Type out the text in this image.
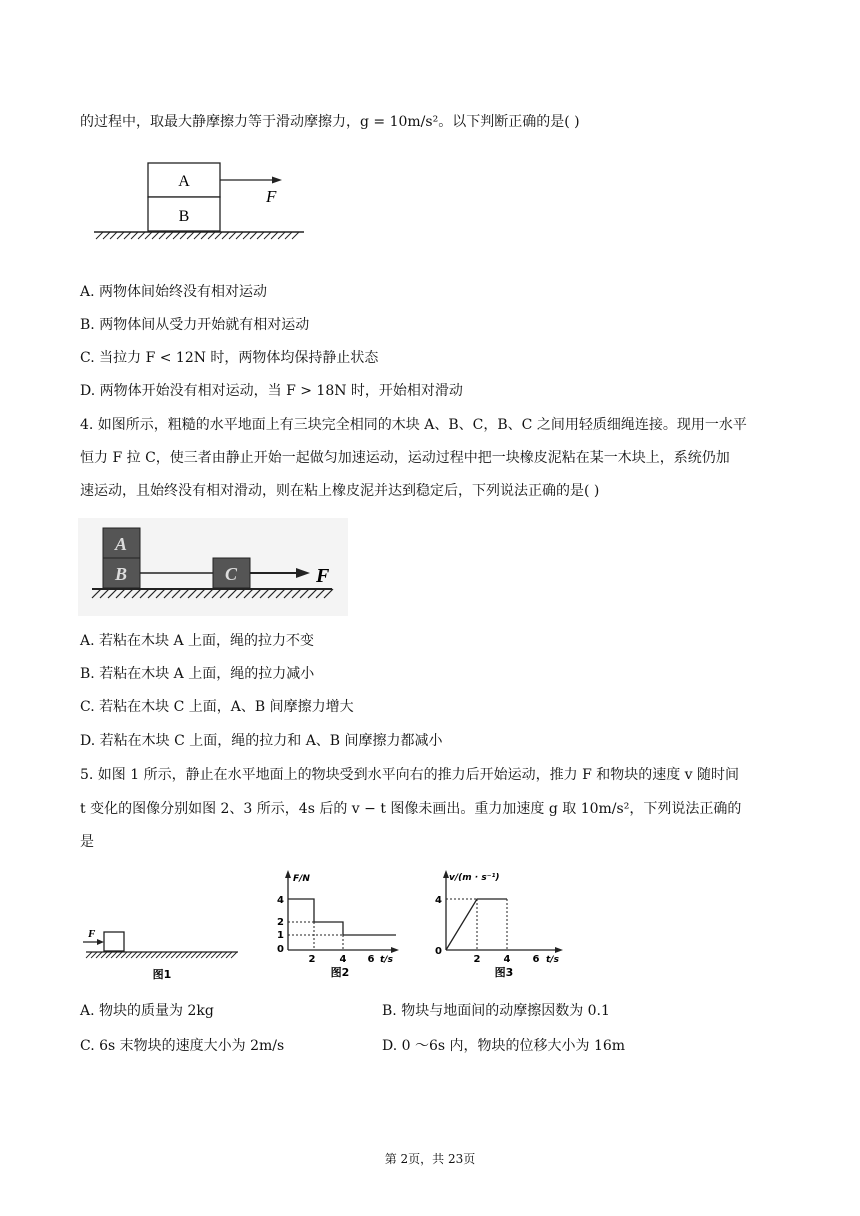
的过程中，取最大静摩擦力等于滑动摩擦力，g = 10m/s²。以下判断正确的是( )
A
B
F
A. 两物体间始终没有相对运动
B. 两物体间从受力开始就有相对运动
C. 当拉力 F < 12N 时，两物体均保持静止状态
D. 两物体开始没有相对运动，当 F > 18N 时，开始相对滑动
4. 如图所示，粗糙的水平地面上有三块完全相同的木块 A、B、C，B、C 之间用轻质细绳连接。现用一水平
恒力 F 拉 C，使三者由静止开始一起做匀加速运动，运动过程中把一块橡皮泥粘在某一木块上，系统仍加
速运动，且始终没有相对滑动，则在粘上橡皮泥并达到稳定后，下列说法正确的是( )
A
B	C	F
A. 若粘在木块 A 上面，绳的拉力不变
B. 若粘在木块 A 上面，绳的拉力减小
C. 若粘在木块 C 上面，A、B 间摩擦力增大
D. 若粘在木块 C 上面，绳的拉力和 A、B 间摩擦力都减小
5. 如图 1 所示，静止在水平地面上的物块受到水平向右的推力后开始运动，推力 F 和物块的速度 v 随时间
t 变化的图像分别如图 2、3 所示，4s 后的 v − t 图像未画出。重力加速度 g 取 10m/s²，下列说法正确的
是
F
图1
F/N
t/s
4
2
1
0
2 4 6
图2
v/(m · s⁻¹)
t/s
4
0
2 4 6
图3
A. 物块的质量为 2kg	B. 物块与地面间的动摩擦因数为 0.1
C. 6s 末物块的速度大小为 2m/s	D. 0 ～6s 内，物块的位移大小为 16m
第 2页，共 23页
